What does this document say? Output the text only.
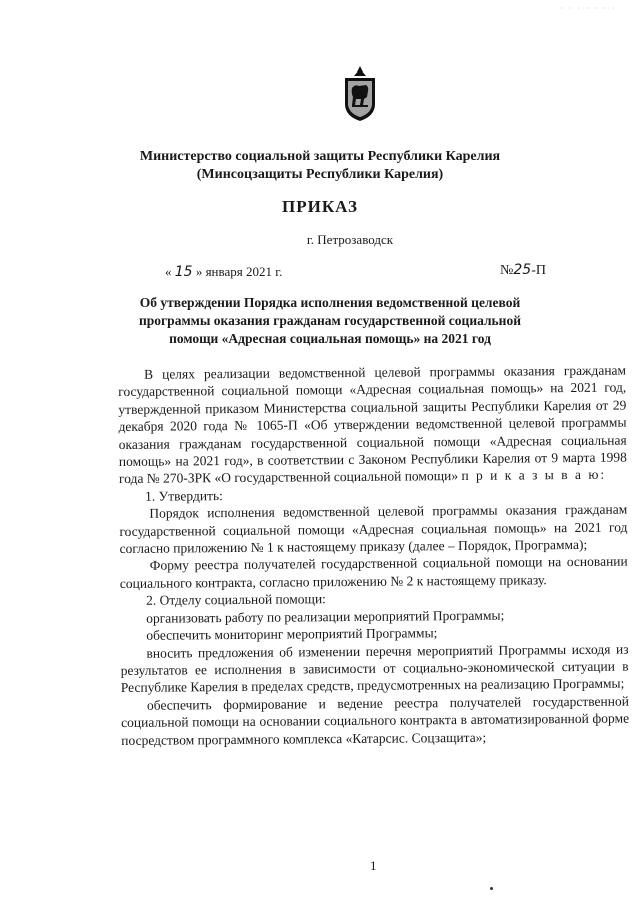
· · · · · · ·
Министерство социальной защиты Республики Карелия
(Минсоцзащиты Республики Карелия)
ПРИКАЗ
г. Петрозаводск
« 15 » января 2021 г.	№25-П
Об утверждении Порядка исполнения ведомственной целевой
программы оказания гражданам государственной социальной
помощи «Адресная социальная помощь» на 2021 год

В целях реализации ведомственной целевой программы оказания гражданам государственной социальной помощи «Адресная социальная помощь» на 2021 год, утвержденной приказом Министерства социальной защиты Республики Карелия от 29 декабря 2020 года № 1065-П «Об утверждении ведомственной целевой программы оказания гражданам государственной социальной помощи «Адресная социальная помощь» на 2021 год», в соответствии с Законом Республики Карелия от 9 марта 1998 года № 270-ЗРК «О государственной социальной помощи» п р и к а з ы в а ю:

1. Утвердить:

Порядок исполнения ведомственной целевой программы оказания гражданам государственной социальной помощи «Адресная социальная помощь» на 2021 год согласно приложению № 1 к настоящему приказу (далее – Порядок, Программа);

Форму реестра получателей государственной социальной помощи на основании социального контракта, согласно приложению № 2 к настоящему приказу.

2. Отделу социальной помощи:

организовать работу по реализации мероприятий Программы;

обеспечить мониторинг мероприятий Программы;

вносить предложения об изменении перечня мероприятий Программы исходя из результатов ее исполнения в зависимости от социально-экономической ситуации в Республике Карелия в пределах средств, предусмотренных на реализацию Программы;

обеспечить формирование и ведение реестра получателей государственной социальной помощи на основании социального контракта в автоматизированной форме посредством программного комплекса «Катарсис. Соцзащита»;

1
